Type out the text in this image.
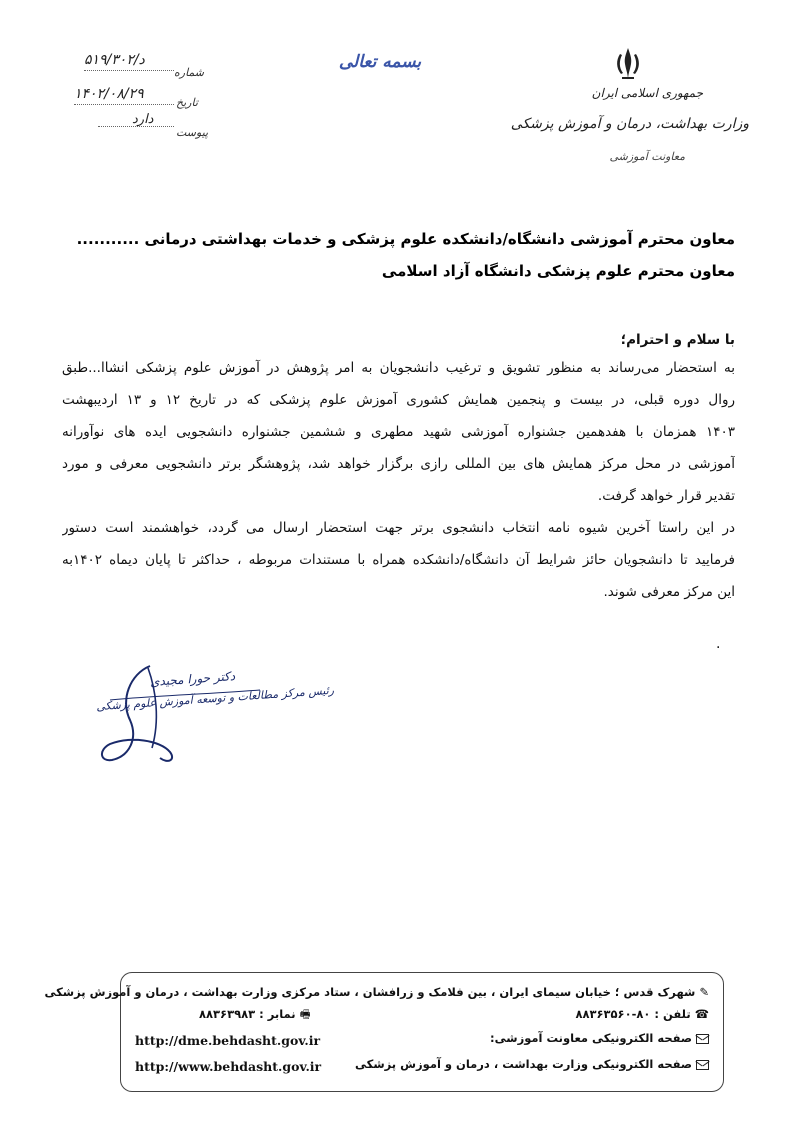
د/۵۱۹/۳۰۲
شماره
۱۴۰۲/۰۸/۲۹
تاریخ
دارد
پیوست
بسمه تعالی
جمهوری اسلامی ایران
وزارت بهداشت، درمان و آموزش پزشکی
معاونت آموزشی
معاون محترم آموزشی دانشگاه/دانشکده علوم پزشکی و خدمات بهداشتی درمانی ...........
معاون محترم علوم پزشکی دانشگاه آزاد اسلامی
با سلام و احترام؛
به استحضار می‌رساند به منظور تشویق و ترغیب دانشجویان به امر پژوهش در آموزش علوم پزشکی انشاا...طبق
روال دوره قبلی، در بیست و پنجمین همایش کشوری آموزش علوم پزشکی که در تاریخ ۱۲ و ۱۳ اردیبهشت
۱۴۰۳ همزمان با هفدهمین جشنواره آموزشی شهید مطهری و ششمین جشنواره دانشجویی ایده های نوآورانه
آموزشی در محل مرکز همایش های بین المللی رازی برگزار خواهد شد، پژوهشگر برتر دانشجویی معرفی و مورد
تقدیر قرار خواهد گرفت.
در این راستا آخرین شیوه نامه انتخاب دانشجوی برتر جهت استحضار ارسال می گردد، خواهشمند است دستور
فرمایید تا دانشجویان حائز شرایط آن دانشگاه/دانشکده همراه با مستندات مربوطه ، حداکثر تا پایان دیماه ۱۴۰۲به
این مرکز معرفی شوند.
.
دکتر حورا مجیدی
رئیس مرکز مطالعات و توسعه آموزش علوم پزشکی
✎شهرک قدس ؛ خیابان سیمای ایران ، بین فلامک و زرافشان ، ستاد مرکزی وزارت بهداشت ، درمان و آموزش پزشکی
☎تلفن : ۸۰-۸۸۳۶۳۵۶۰
🖷نمابر : ۸۸۳۶۳۹۸۳
صفحه الکترونیکی معاونت آموزشی:
http://dme.behdasht.gov.ir
صفحه الکترونیکی وزارت بهداشت ، درمان و آموزش پزشکی
http://www.behdasht.gov.ir
